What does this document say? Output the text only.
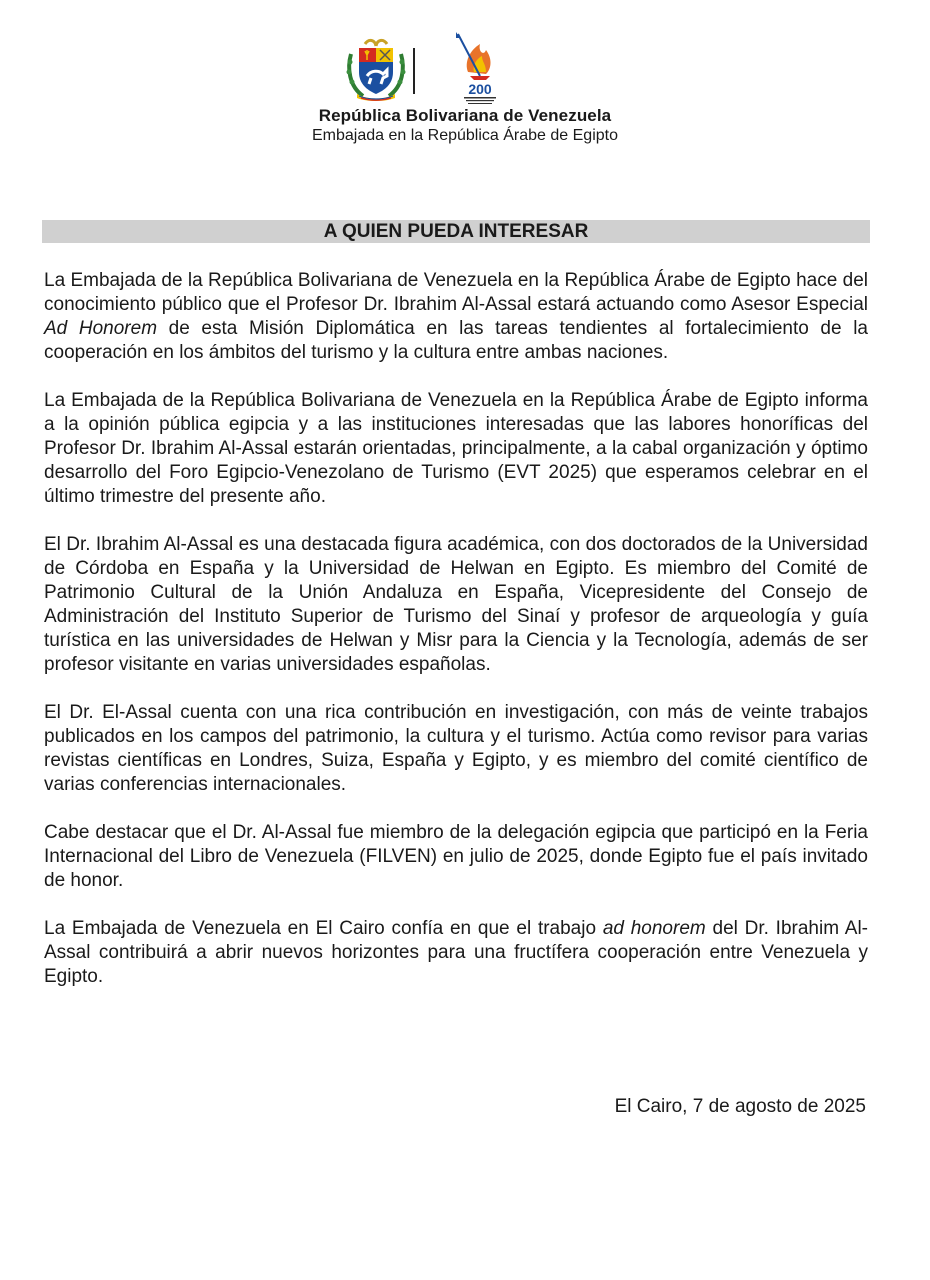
200
República Bolivariana de Venezuela
Embajada en la República Árabe de Egipto
A QUIEN PUEDA INTERESAR

La Embajada de la República Bolivariana de Venezuela en la República Árabe de Egipto hace del conocimiento público que el Profesor Dr. Ibrahim Al-Assal estará actuando como Asesor Especial Ad Honorem de esta Misión Diplomática en las tareas tendientes al fortalecimiento de la cooperación en los ámbitos del turismo y la cultura entre ambas naciones.

La Embajada de la República Bolivariana de Venezuela en la República Árabe de Egipto informa a la opinión pública egipcia y a las instituciones interesadas que las labores honoríficas del Profesor Dr. Ibrahim Al-Assal estarán orientadas, principalmente, a la cabal organización y óptimo desarrollo del Foro Egipcio-Venezolano de Turismo (EVT 2025) que esperamos celebrar en el último trimestre del presente año.

El Dr. Ibrahim Al-Assal es una destacada figura académica, con dos doctorados de la Universidad de Córdoba en España y la Universidad de Helwan en Egipto. Es miembro del Comité de Patrimonio Cultural de la Unión Andaluza en España, Vicepresidente del Consejo de Administración del Instituto Superior de Turismo del Sinaí y profesor de arqueología y guía turística en las universidades de Helwan y Misr para la Ciencia y la Tecnología, además de ser profesor visitante en varias universidades españolas.

El Dr. El-Assal cuenta con una rica contribución en investigación, con más de veinte trabajos publicados en los campos del patrimonio, la cultura y el turismo. Actúa como revisor para varias revistas científicas en Londres, Suiza, España y Egipto, y es miembro del comité científico de varias conferencias internacionales.

Cabe destacar que el Dr. Al-Assal fue miembro de la delegación egipcia que participó en la Feria Internacional del Libro de Venezuela (FILVEN) en julio de 2025, donde Egipto fue el país invitado de honor.

La Embajada de Venezuela en El Cairo confía en que el trabajo ad honorem del Dr. Ibrahim Al-Assal contribuirá a abrir nuevos horizontes para una fructífera cooperación entre Venezuela y Egipto.

El Cairo, 7 de agosto de 2025
